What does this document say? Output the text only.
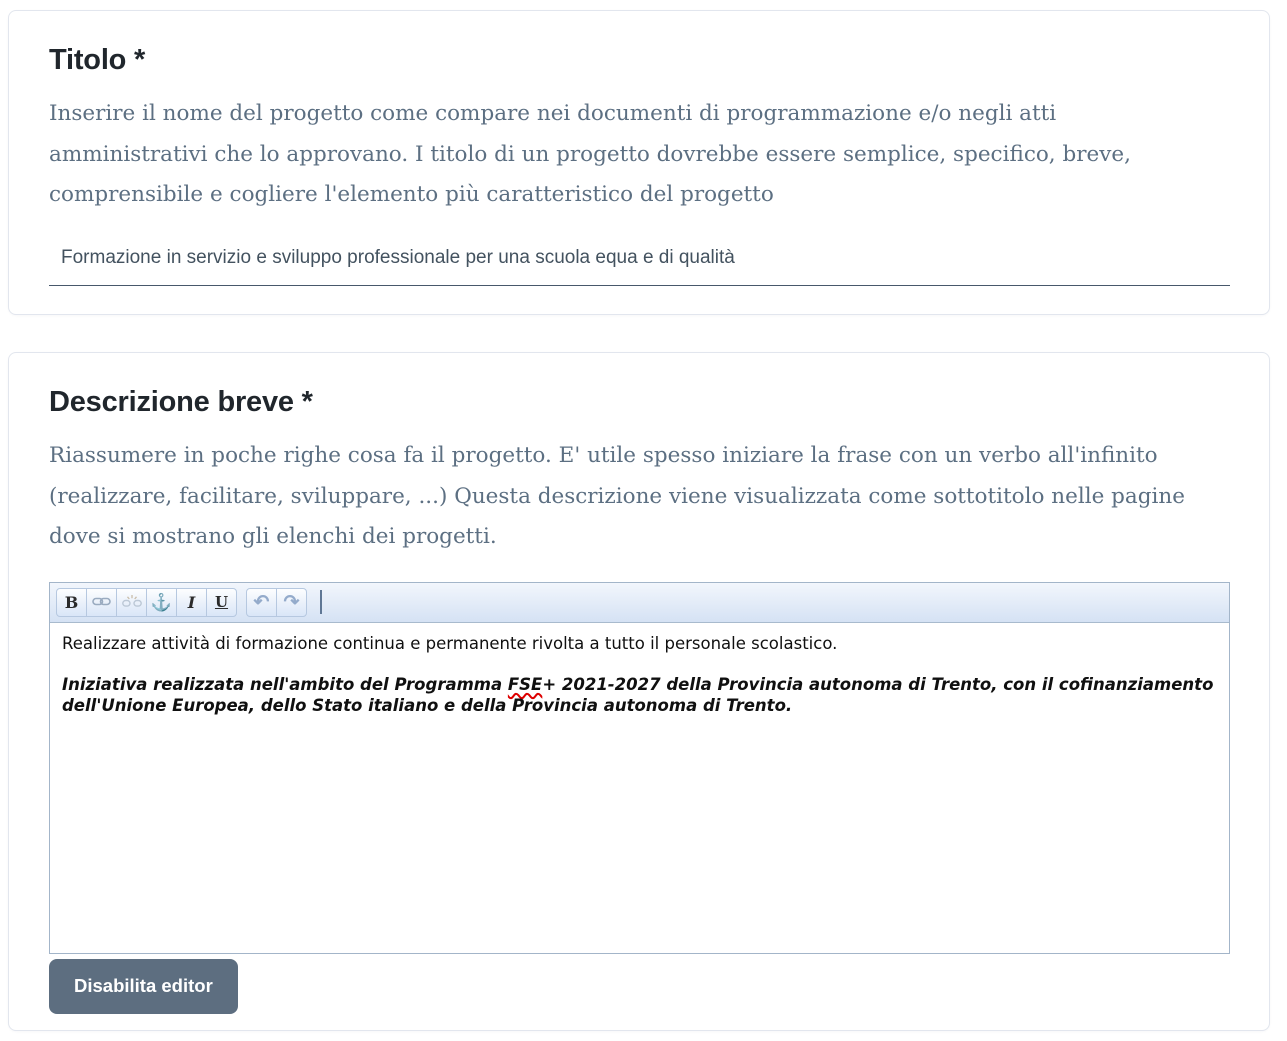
Titolo *

Inserire il nome del progetto come compare nei documenti di programmazione e/o negli atti amministrativi che lo approvano. I titolo di un progetto dovrebbe essere semplice, specifico, breve, comprensibile e cogliere l'elemento più caratteristico del progetto

Formazione in servizio e sviluppo professionale per una scuola equa e di qualità
Descrizione breve *

Riassumere in poche righe cosa fa il progetto. E' utile spesso iniziare la frase con un verbo all'infinito (realizzare, facilitare, sviluppare, ...) Questa descrizione viene visualizzata come sottotitolo nelle pagine dove si mostrano gli elenchi dei progetti.

B	⚓ I U ↶ ↷

Realizzare attività di formazione continua e permanente rivolta a tutto il personale scolastico.

Iniziativa realizzata nell'ambito del Programma FSE+ 2021-2027 della Provincia autonoma di Trento, con il cofinanziamento dell'Unione Europea, dello Stato italiano e della Provincia autonoma di Trento.

Disabilita editor
